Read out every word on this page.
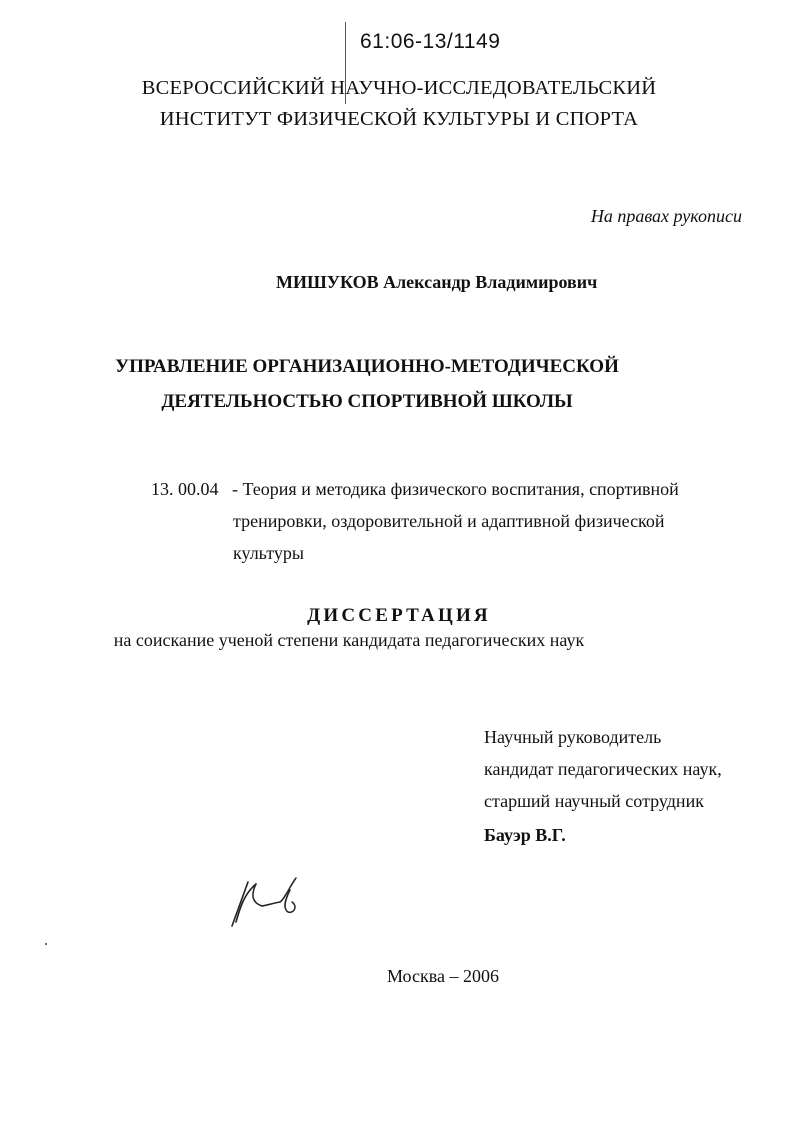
61:06-13/1149
ВСЕРОССИЙСКИЙ НАУЧНО-ИССЛЕДОВАТЕЛЬСКИЙ
ИНСТИТУТ ФИЗИЧЕСКОЙ КУЛЬТУРЫ И СПОРТА
На правах рукописи
МИШУКОВ Александр Владимирович
УПРАВЛЕНИЕ ОРГАНИЗАЦИОННО-МЕТОДИЧЕСКОЙ
ДЕЯТЕЛЬНОСТЬЮ СПОРТИВНОЙ ШКОЛЫ
13. 00.04 - Теория и методика физического воспитания, спортивной
тренировки, оздоровительной и адаптивной физической
культуры
ДИССЕРТАЦИЯ
на соискание ученой степени кандидата педагогических наук
Научный руководитель
кандидат педагогических наук,
старший научный сотрудник
Бауэр В.Г.
Москва – 2006
